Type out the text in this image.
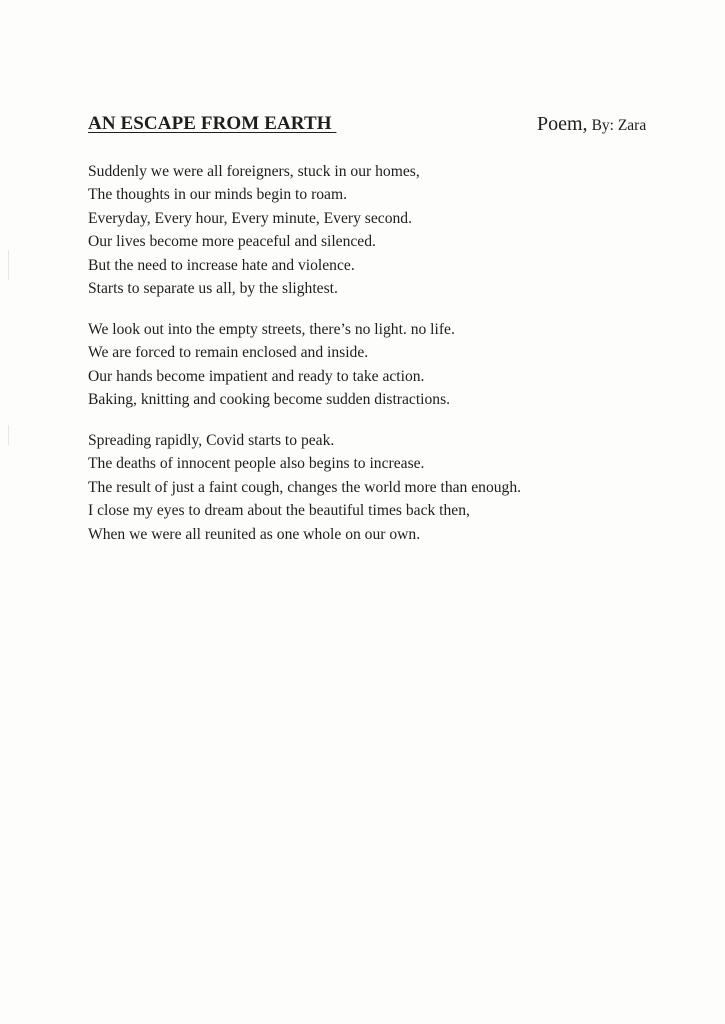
AN ESCAPE FROM EARTH	Poem, By: Zara
Suddenly we were all foreigners, stuck in our homes,
The thoughts in our minds begin to roam.
Everyday, Every hour, Every minute, Every second.
Our lives become more peaceful and silenced.
But the need to increase hate and violence.
Starts to separate us all, by the slightest.
We look out into the empty streets, there’s no light. no life.
We are forced to remain enclosed and inside.
Our hands become impatient and ready to take action.
Baking, knitting and cooking become sudden distractions.
Spreading rapidly, Covid starts to peak.
The deaths of innocent people also begins to increase.
The result of just a faint cough, changes the world more than enough.
I close my eyes to dream about the beautiful times back then,
When we were all reunited as one whole on our own.
